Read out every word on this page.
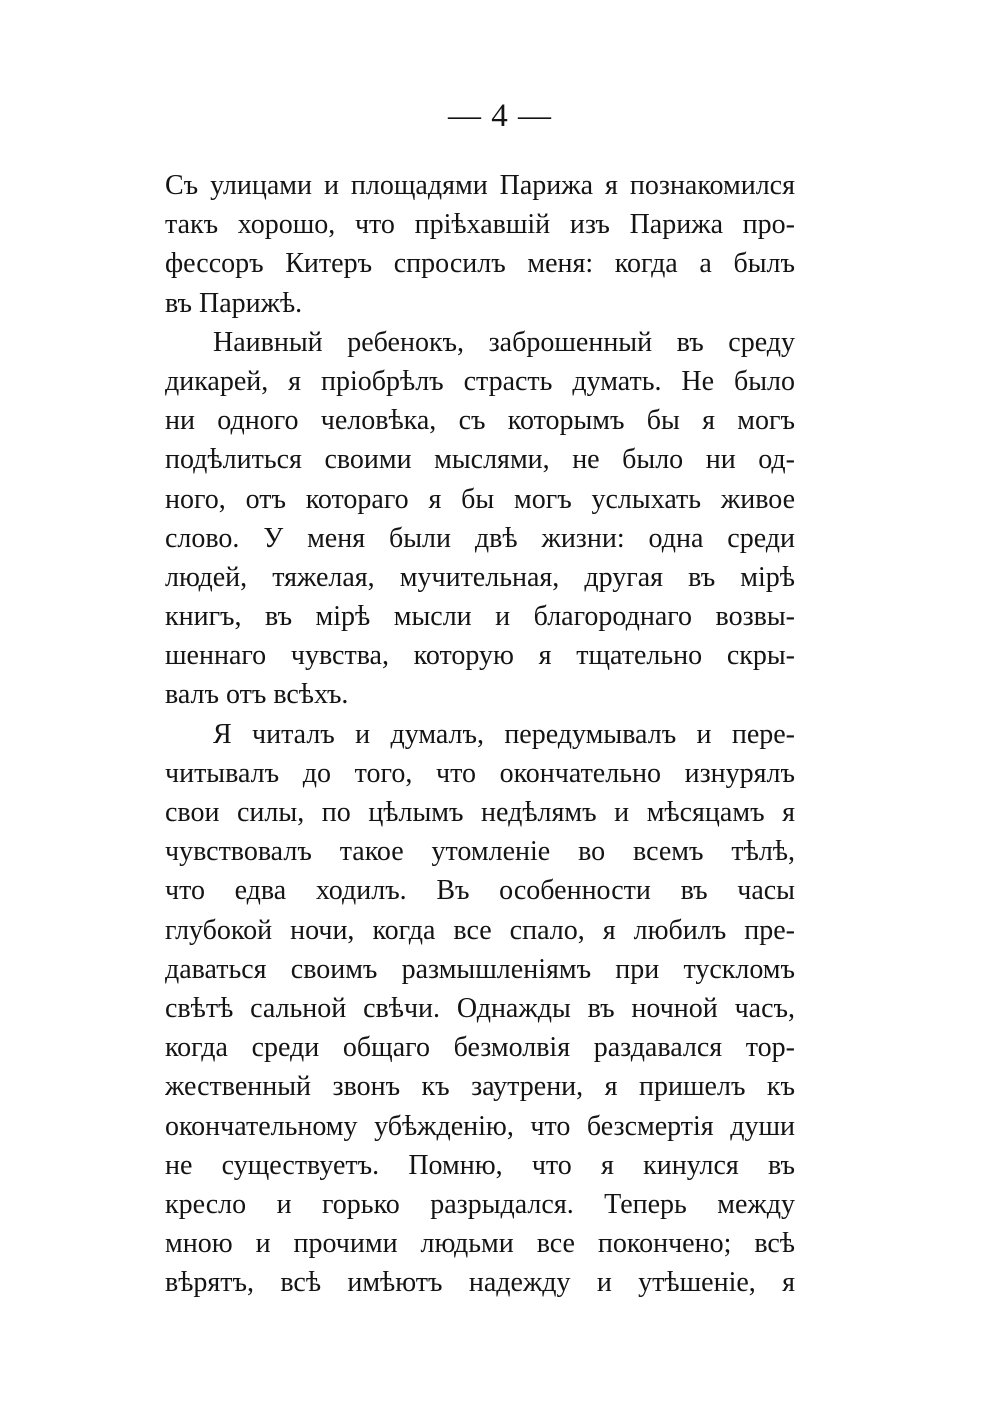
— 4 —
Съ улицами и площадями Парижа я познакомился
такъ хорошо, что пріѣхавшій изъ Парижа про-
фессоръ Китеръ спросилъ меня: когда а былъ
въ Парижѣ.
Наивный ребенокъ, заброшенный въ среду
дикарей, я пріобрѣлъ страсть думать. Не было
ни одного человѣка, съ которымъ бы я могъ
подѣлиться своими мыслями, не было ни од-
ного, отъ котораго я бы могъ услыхать живое
слово. У меня были двѣ жизни: одна среди
людей, тяжелая, мучительная, другая въ мірѣ
книгъ, въ мірѣ мысли и благороднаго возвы-
шеннаго чувства, которую я тщательно скры-
валъ отъ всѣхъ.
Я читалъ и думалъ, передумывалъ и пере-
читывалъ до того, что окончательно изнурялъ
свои силы, по цѣлымъ недѣлямъ и мѣсяцамъ я
чувствовалъ такое утомленіе во всемъ тѣлѣ,
что едва ходилъ. Въ особенности въ часы
глубокой ночи, когда все спало, я любилъ пре-
даваться своимъ размышленіямъ при тускломъ
свѣтѣ сальной свѣчи. Однажды въ ночной часъ,
когда среди общаго безмолвія раздавался тор-
жественный звонъ къ заутрени, я пришелъ къ
окончательному убѣжденію, что безсмертія души
не существуетъ. Помню, что я кинулся въ
кресло и горько разрыдался. Теперь между
мною и прочими людьми все покончено; всѣ
вѣрятъ, всѣ имѣютъ надежду и утѣшеніе, я
